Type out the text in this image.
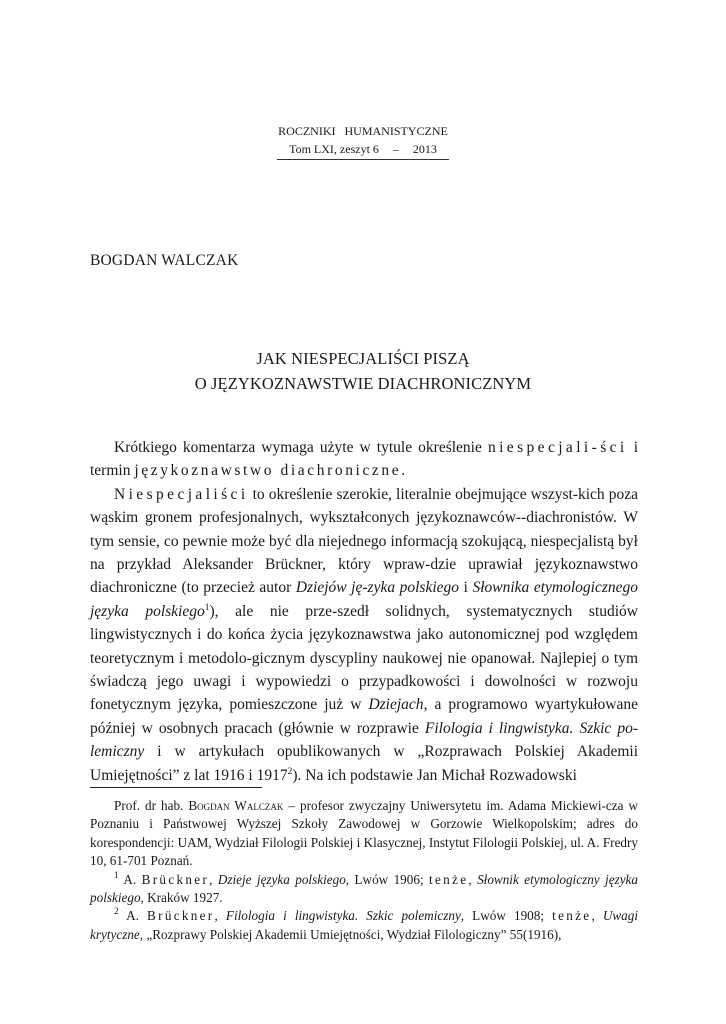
ROCZNIKI   HUMANISTYCZNE
Tom LXI, zeszyt 6 – 2013
BOGDAN WALCZAK
JAK NIESPECJALIŚCI PISZĄ
O JĘZYKOZNAWSTWIE DIACHRONICZNYM

Krótkiego komentarza wymaga użyte w tytule określenie niespecjali-ści i termin językoznawstwo diachroniczne.

Niespecjaliści to określenie szerokie, literalnie obejmujące wszyst-kich poza wąskim gronem profesjonalnych, wykształconych językoznawców--diachronistów. W tym sensie, co pewnie może być dla niejednego informacją szokującą, niespecjalistą był na przykład Aleksander Brückner, który wpraw-dzie uprawiał językoznawstwo diachroniczne (to przecież autor Dziejów ję-zyka polskiego i Słownika etymologicznego języka polskiego$^1$), ale nie prze-szedł solidnych, systematycznych studiów lingwistycznych i do końca życia językoznawstwa jako autonomicznej pod względem teoretycznym i metodolo-gicznym dyscypliny naukowej nie opanował. Najlepiej o tym świadczą jego uwagi i wypowiedzi o przypadkowości i dowolności w rozwoju fonetycznym języka, pomieszczone już w Dziejach, a programowo wyartykułowane później w osobnych pracach (głównie w rozprawie Filologia i lingwistyka. Szkic po-lemiczny i w artykułach opublikowanych w „Rozprawach Polskiej Akademii Umiejętności” z lat 1916 i 1917$^2$). Na ich podstawie Jan Michał Rozwadowski

Prof. dr hab. Bogdan Walczak – profesor zwyczajny Uniwersytetu im. Adama Mickiewi-cza w Poznaniu i Państwowej Wyższej Szkoły Zawodowej w Gorzowie Wielkopolskim; adres do korespondencji: UAM, Wydział Filologii Polskiej i Klasycznej, Instytut Filologii Polskiej, ul. A. Fredry 10, 61-701 Poznań.

$^1$ A. Brückner, Dzieje języka polskiego, Lwów 1906; tenże, Słownik etymologiczny języka polskiego, Kraków 1927.

$^2$ A. Brückner, Filologia i lingwistyka. Szkic polemiczny, Lwów 1908; tenże, Uwagi krytyczne, „Rozprawy Polskiej Akademii Umiejętności, Wydział Filologiczny” 55(1916),
